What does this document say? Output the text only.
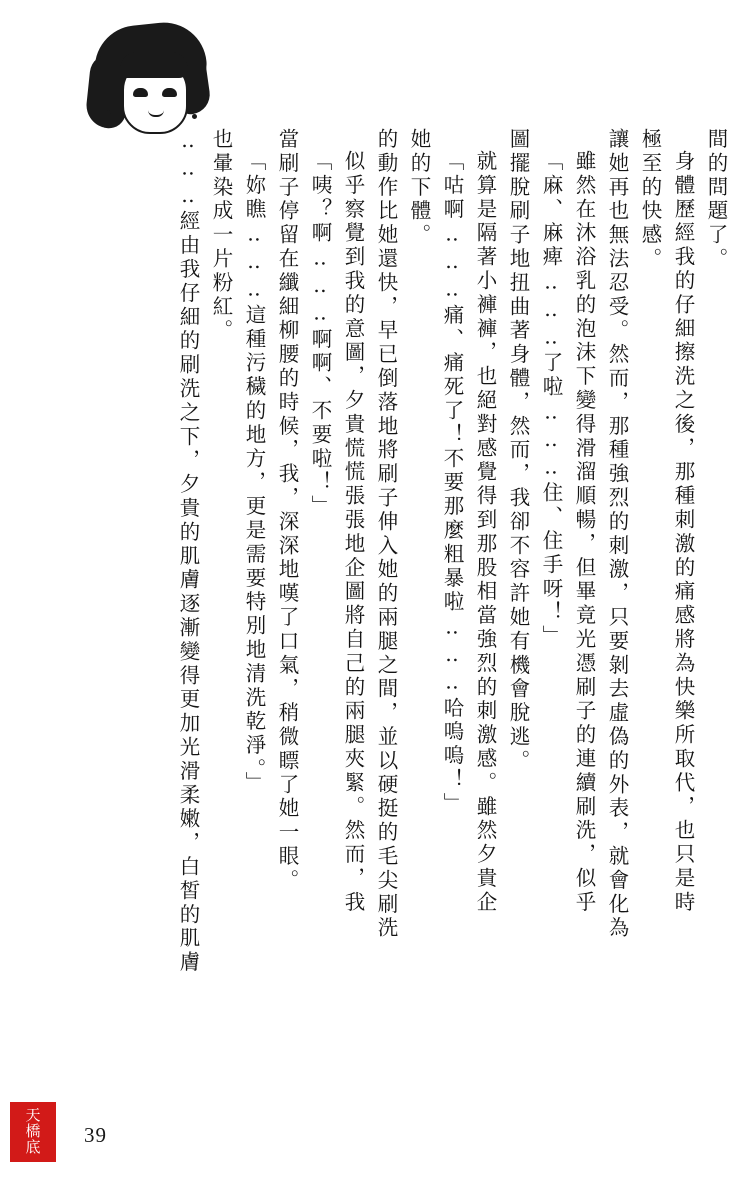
‥‥‥經由我仔細的刷洗之下，夕貴的肌膚逐漸變得更加光滑柔嫩，白皙的肌膚 也暈染成一片粉紅。 「妳瞧‥‥‥這種污穢的地方，更是需要特別地清洗乾淨。」 當刷子停留在纖細柳腰的時候，我，深深地嘆了口氣，稍微瞟了她一眼。 「咦？啊‥‥‥啊啊、不要啦！」 似乎察覺到我的意圖，夕貴慌慌張張地企圖將自己的兩腿夾緊。然而，我 的動作比她還快，早已倒落地將刷子伸入她的兩腿之間，並以硬挺的毛尖刷洗 她的下體。 「咕啊‥‥‥痛、痛死了！不要那麼粗暴啦‥‥‥哈嗚嗚！」 就算是隔著小褲褲，也絕對感覺得到那股相當強烈的刺激感。雖然夕貴企 圖擺脫刷子地扭曲著身體，然而，我卻不容許她有機會脫逃。 「麻、麻痺‥‥‥了啦‥‥‥住、住手呀！」 雖然在沐浴乳的泡沫下變得滑溜順暢，但畢竟光憑刷子的連續刷洗，似乎 讓她再也無法忍受。然而，那種強烈的刺激，只要剝去虛偽的外表，就會化為 極至的快感。 身體歷經我的仔細擦洗之後，那種刺激的痛感將為快樂所取代，也只是時 間的問題了。
39
天
橋
底
